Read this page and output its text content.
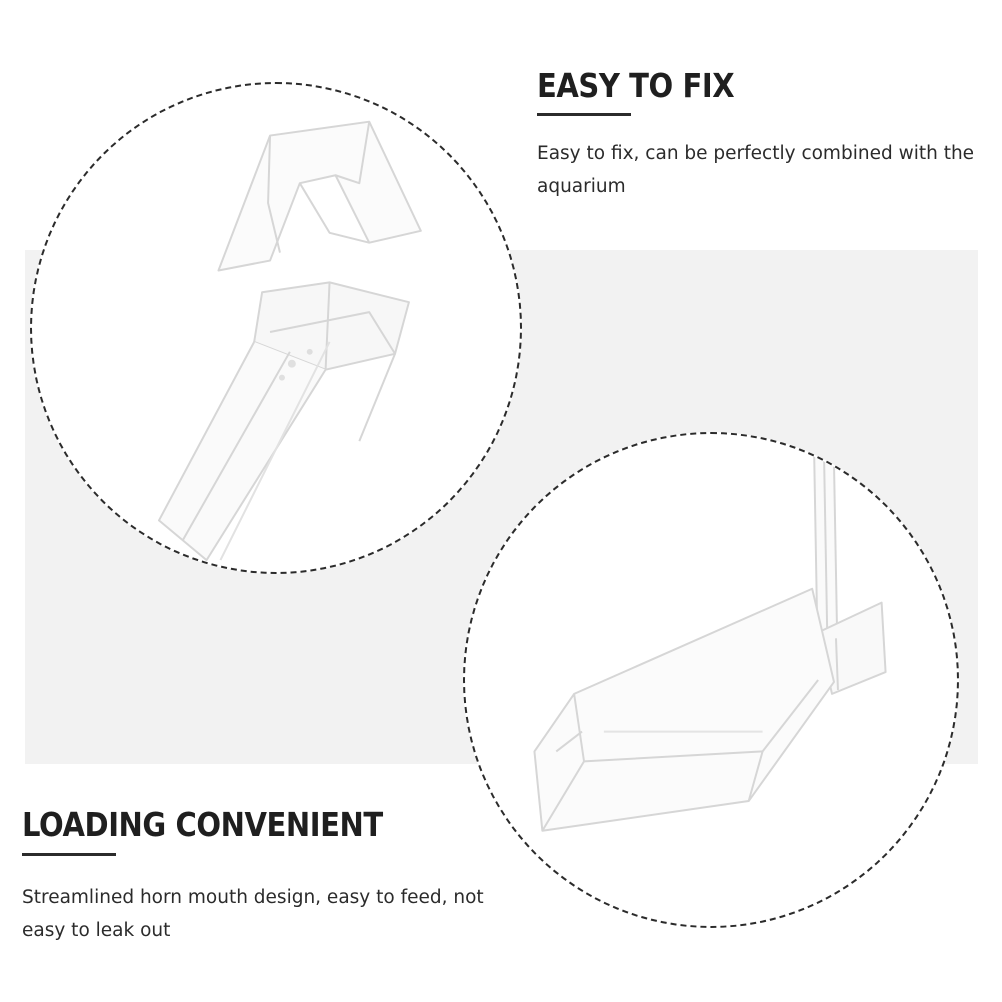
EASY TO FIX

Easy to fix, can be perfectly combined with the aquarium

LOADING CONVENIENT

Streamlined horn mouth design, easy to feed, not easy to leak out
